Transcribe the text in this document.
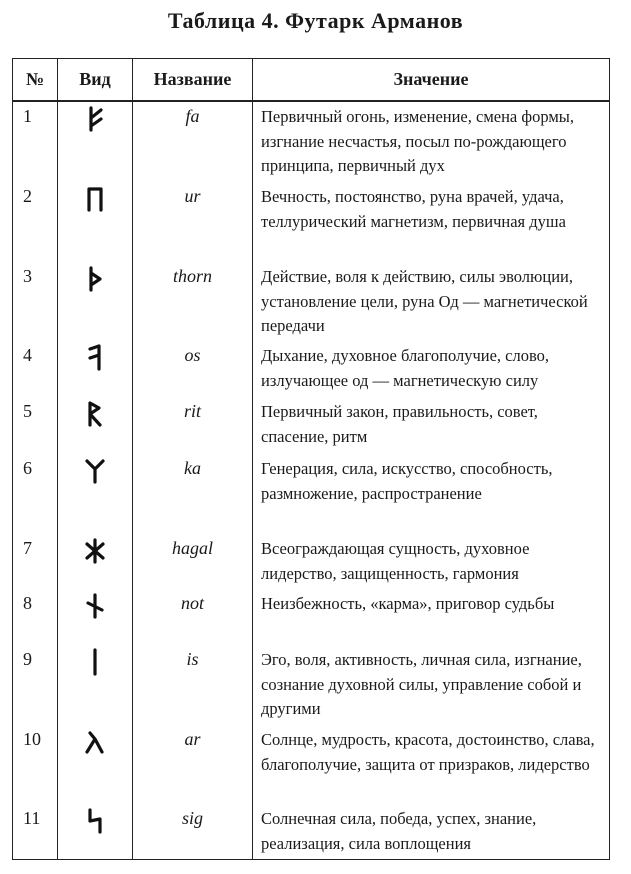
Таблица 4. Футарк Арманов
№	Вид	Название	Значение
1		fa	Первичный огонь, изменение, смена формы, изгнание несчастья, посыл по-рождающего принципа, первичный дух
2		ur	Вечность, постоянство, руна врачей, удача, теллурический магнетизм, первичная душа
3		thorn	Действие, воля к действию, силы эволюции, установление цели, руна Од — магнетической передачи
4		os	Дыхание, духовное благополучие, слово, излучающее од — магнетическую силу
5		rit	Первичный закон, правильность, совет, спасение, ритм
6		ka	Генерация, сила, искусство, способность, размножение, распространение
7		hagal	Всеограждающая сущность, духовное лидерство, защищенность, гармония
8		not	Неизбежность, «карма», приговор судьбы
9		is	Эго, воля, активность, личная сила, изгнание, сознание духовной силы, управление собой и другими
10		ar	Солнце, мудрость, красота, достоинство, слава, благополучие, защита от призраков, лидерство
11		sig	Солнечная сила, победа, успех, знание, реализация, сила воплощения
